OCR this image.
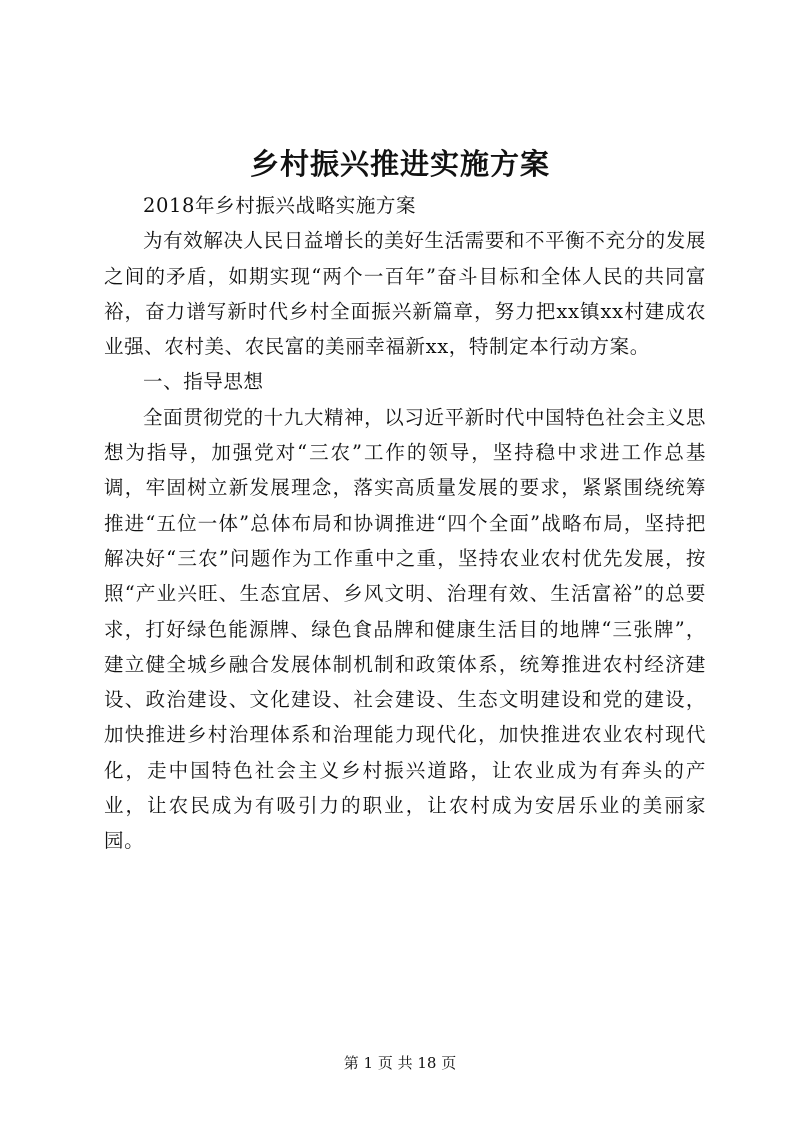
乡村振兴推进实施方案

2018年乡村振兴战略实施方案

为有效解决人民日益增长的美好生活需要和不平衡不充分的发展之间的矛盾，如期实现“两个一百年”奋斗目标和全体人民的共同富裕，奋力谱写新时代乡村全面振兴新篇章，努力把xx镇xx村建成农业强、农村美、农民富的美丽幸福新xx，特制定本行动方案。

一、指导思想

全面贯彻党的十九大精神，以习近平新时代中国特色社会主义思想为指导，加强党对“三农”工作的领导，坚持稳中求进工作总基调，牢固树立新发展理念，落实高质量发展的要求，紧紧围绕统筹推进“五位一体”总体布局和协调推进“四个全面”战略布局，坚持把解决好“三农”问题作为工作重中之重，坚持农业农村优先发展，按照“产业兴旺、生态宜居、乡风文明、治理有效、生活富裕”的总要求，打好绿色能源牌、绿色食品牌和健康生活目的地牌“三张牌”，建立健全城乡融合发展体制机制和政策体系，统筹推进农村经济建设、政治建设、文化建设、社会建设、生态文明建设和党的建设，加快推进乡村治理体系和治理能力现代化，加快推进农业农村现代化，走中国特色社会主义乡村振兴道路，让农业成为有奔头的产业，让农民成为有吸引力的职业，让农村成为安居乐业的美丽家园。

第 1 页 共 18 页
